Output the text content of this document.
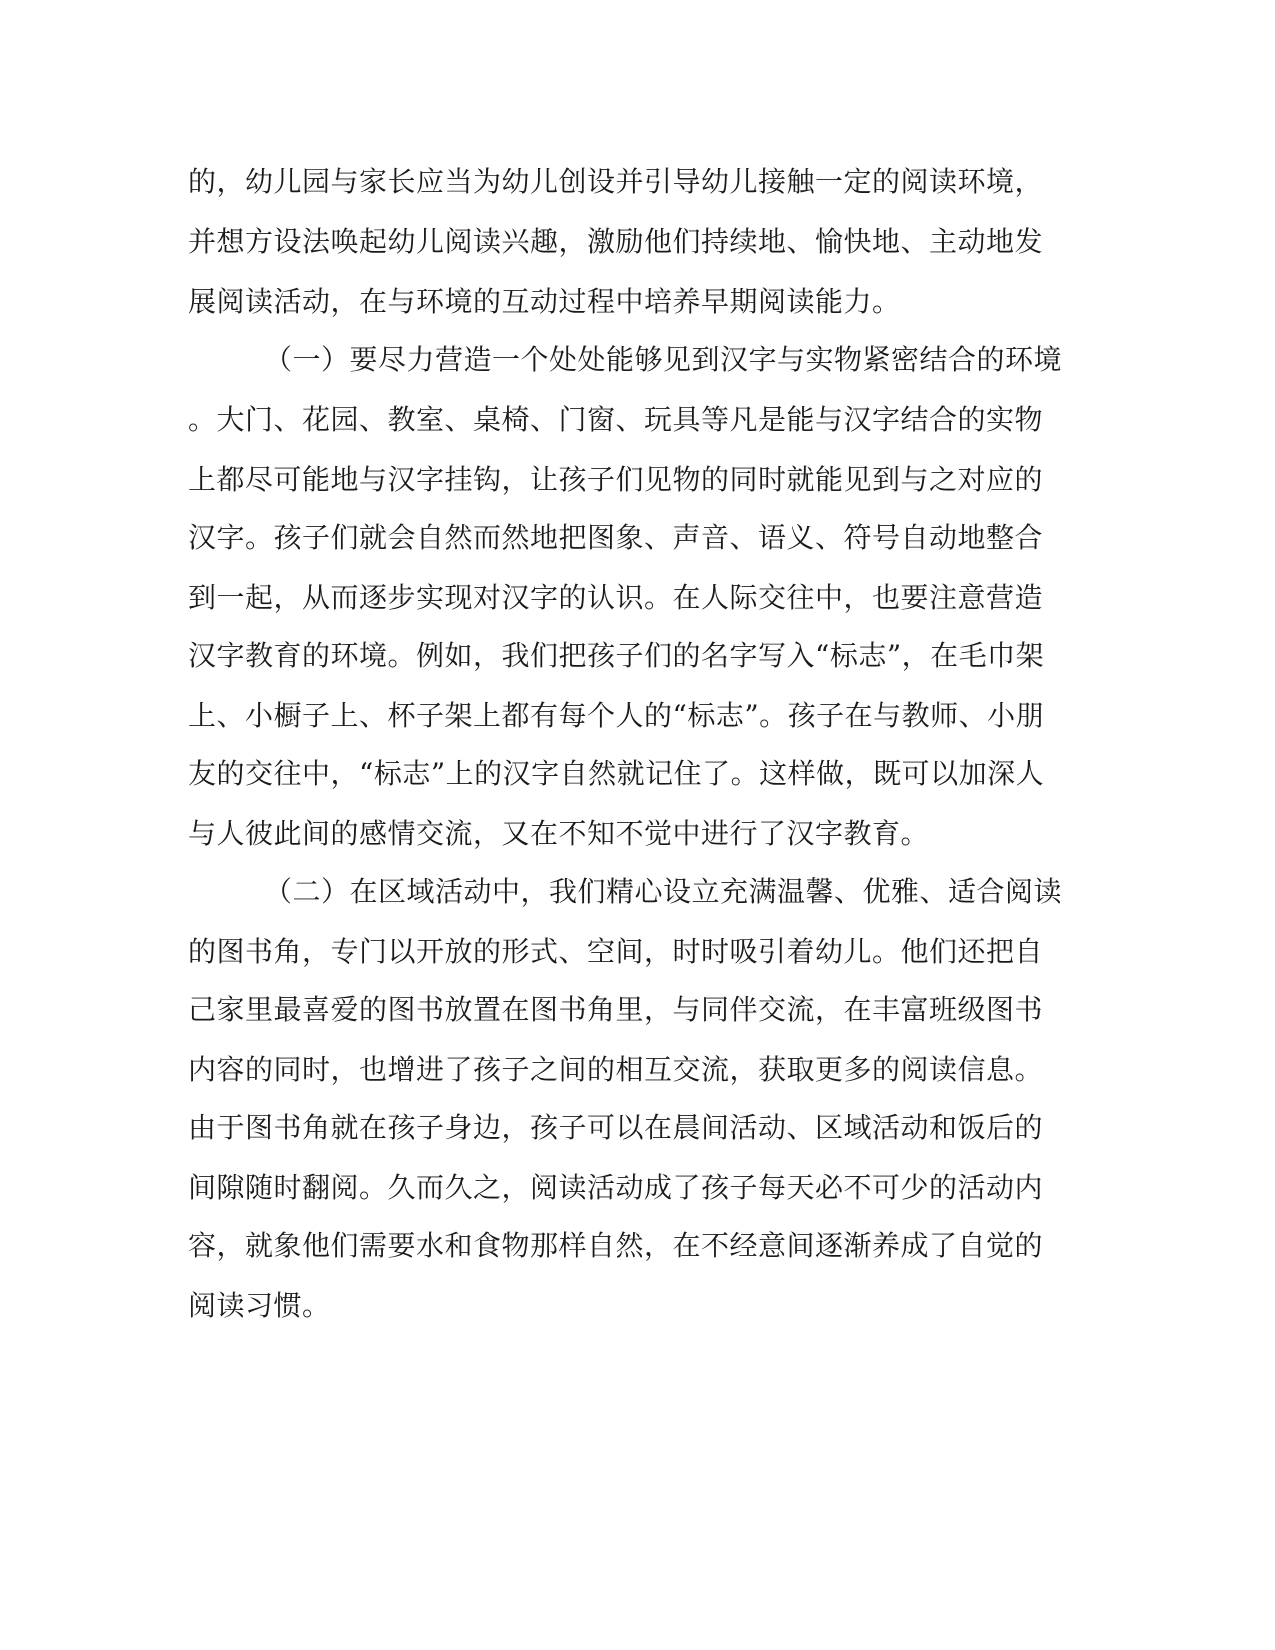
的，幼儿园与家长应当为幼儿创设并引导幼儿接触一定的阅读环境，
并想方设法唤起幼儿阅读兴趣，激励他们持续地、愉快地、主动地发
展阅读活动，在与环境的互动过程中培养早期阅读能力。
（一）要尽力营造一个处处能够见到汉字与实物紧密结合的环境
。大门、花园、教室、桌椅、门窗、玩具等凡是能与汉字结合的实物
上都尽可能地与汉字挂钩，让孩子们见物的同时就能见到与之对应的
汉字。孩子们就会自然而然地把图象、声音、语义、符号自动地整合
到一起，从而逐步实现对汉字的认识。在人际交往中，也要注意营造
汉字教育的环境。例如，我们把孩子们的名字写入“标志”，在毛巾架
上、小橱子上、杯子架上都有每个人的“标志”。孩子在与教师、小朋
友的交往中，“标志”上的汉字自然就记住了。这样做，既可以加深人
与人彼此间的感情交流，又在不知不觉中进行了汉字教育。
（二）在区域活动中，我们精心设立充满温馨、优雅、适合阅读
的图书角，专门以开放的形式、空间，时时吸引着幼儿。他们还把自
己家里最喜爱的图书放置在图书角里，与同伴交流，在丰富班级图书
内容的同时，也增进了孩子之间的相互交流，获取更多的阅读信息。
由于图书角就在孩子身边，孩子可以在晨间活动、区域活动和饭后的
间隙随时翻阅。久而久之，阅读活动成了孩子每天必不可少的活动内
容，就象他们需要水和食物那样自然，在不经意间逐渐养成了自觉的
阅读习惯。
